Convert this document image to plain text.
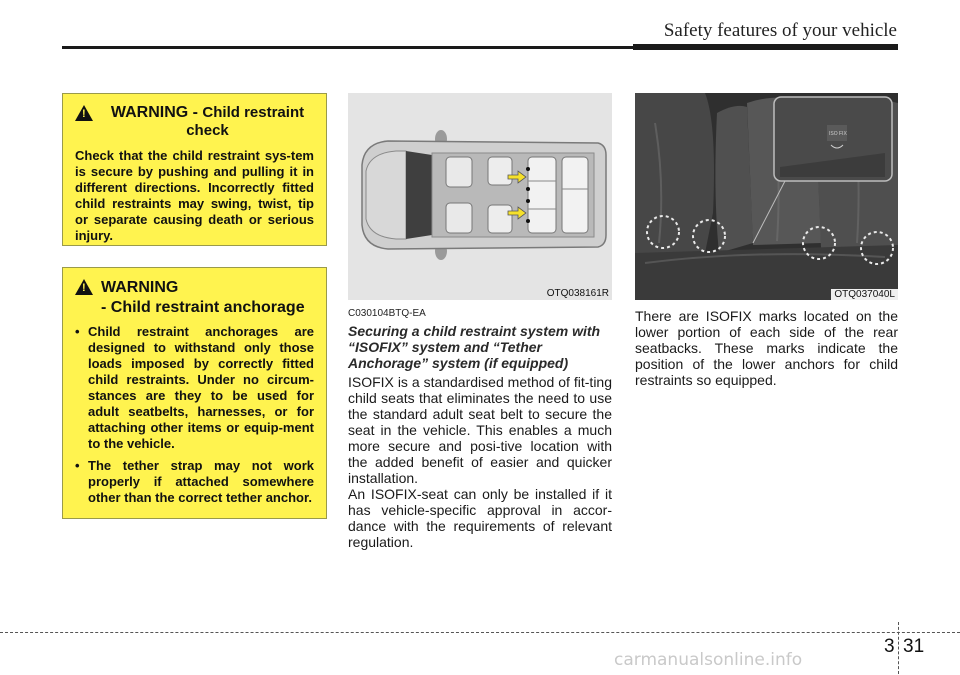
Safety features of your vehicle
!
WARNING - Child restraint
check
Check that the child restraint sys-tem is secure by pushing and pulling it in different directions. Incorrectly fitted child restraints may swing, twist, tip or separate causing death or serious injury.
!
WARNING
- Child restraint anchorage
• Child restraint anchorages are designed to withstand only those loads imposed by correctly fitted child restraints. Under no circum-stances are they to be used for adult seatbelts, harnesses, or for attaching other items or equip-ment to the vehicle.
• The tether strap may not work properly if attached somewhere other than the correct tether anchor.
OTQ038161R
ISO FIX
OTQ037040L
C030104BTQ-EA
Securing a child restraint system with “ISOFIX” system and “Tether Anchorage” system (if equipped)

ISOFIX is a standardised method of fit-ting child seats that eliminates the need to use the standard adult seat belt to secure the seat in the vehicle. This enables a much more secure and posi-tive location with the added benefit of easier and quicker installation.

An ISOFIX-seat can only be installed if it has vehicle-specific approval in accor-dance with the requirements of relevant regulation.

There are ISOFIX marks located on the lower portion of each side of the rear seatbacks. These marks indicate the position of the lower anchors for child restraints so equipped.

3 31
carmanualsonline.info
